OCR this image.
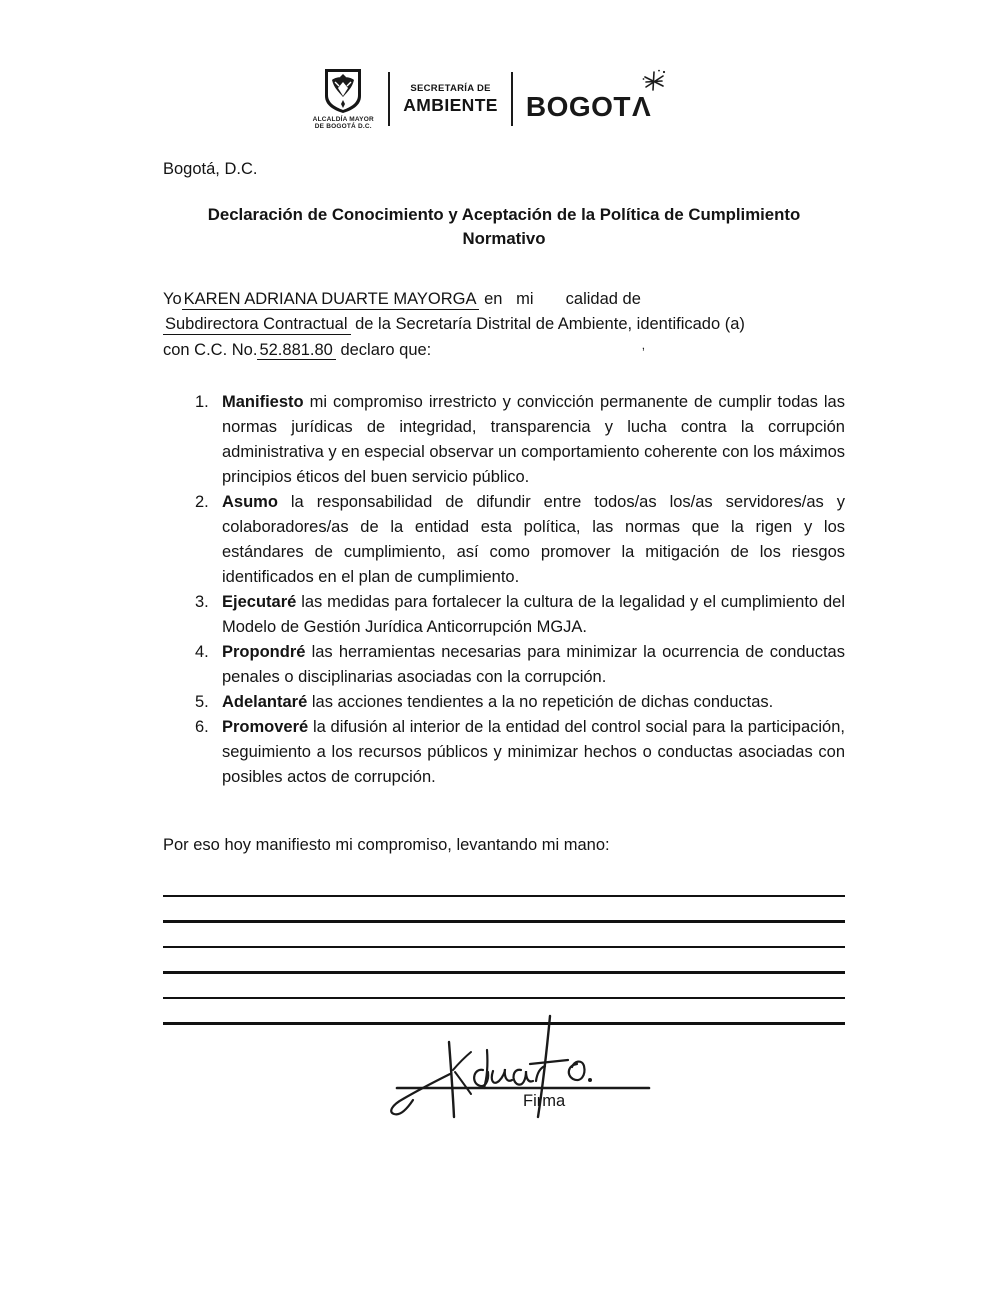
ALCALDÍA MAYOR
DE BOGOTÁ D.C.
SECRETARÍA DE
AMBIENTE BOGOTΛ

Bogotá, D.C.

Declaración de Conocimiento y Aceptación de la Política de Cumplimiento
Normativo
Yo KAREN ADRIANA DUARTE MAYORGA en   mi       calidad de
Subdirectora Contractual de la Secretaría Distrital de Ambiente, identificado (a)
con C.C. No. 52.881.80 declaro que:	ʼ
1. Manifiesto mi compromiso irrestricto y convicción permanente de cumplir todas las normas jurídicas de integridad, transparencia y lucha contra la corrupción administrativa y en especial observar un comportamiento coherente con los máximos principios éticos del buen servicio público.
2. Asumo la responsabilidad de difundir entre todos/as los/as servidores/as y colaboradores/as de la entidad esta política, las normas que la rigen y los estándares de cumplimiento, así como promover la mitigación de los riesgos identificados en el plan de cumplimiento.
3. Ejecutaré las medidas para fortalecer la cultura de la legalidad y el cumplimiento del Modelo de Gestión Jurídica Anticorrupción MGJA.
4. Propondré las herramientas necesarias para minimizar la ocurrencia de conductas penales o disciplinarias asociadas con la corrupción.
5. Adelantaré las acciones tendientes a la no repetición de dichas conductas.
6. Promoveré la difusión al interior de la entidad del control social para la participación, seguimiento a los recursos públicos y minimizar hechos o conductas asociadas con posibles actos de corrupción.

Por eso hoy manifiesto mi compromiso, levantando mi mano:

Firma
